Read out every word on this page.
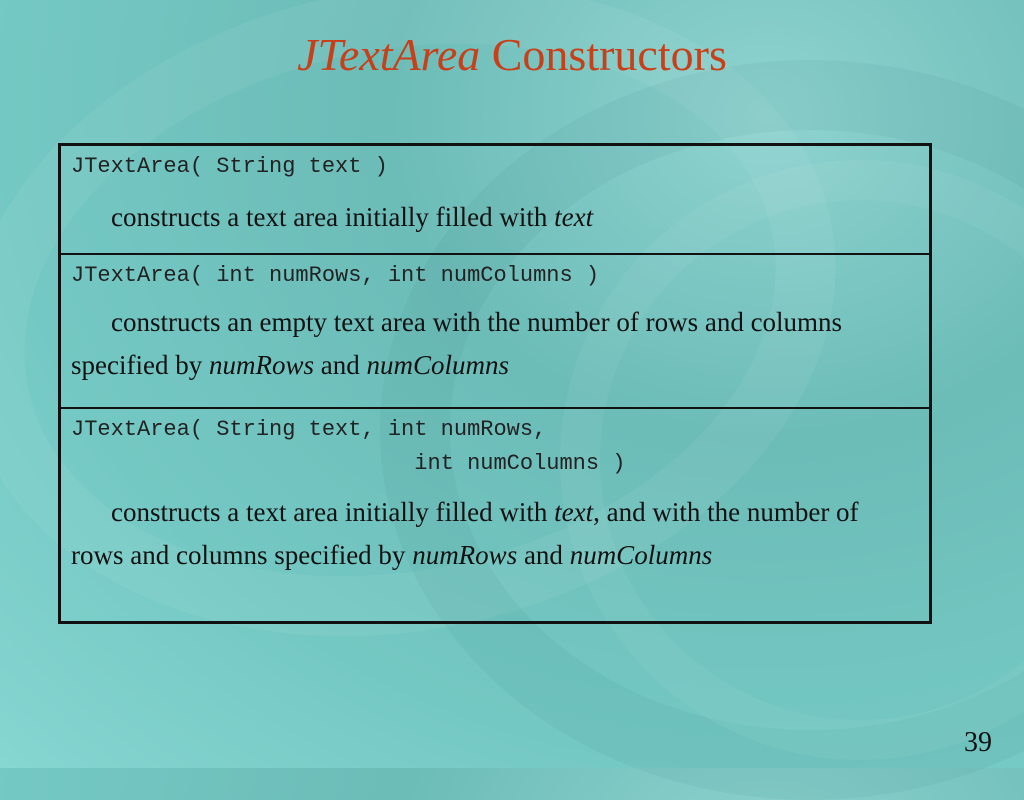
JTextArea Constructors
JTextArea( String text )
constructs a text area initially filled with text
JTextArea( int numRows, int numColumns )
constructs an empty text area with the number of rows and columns specified by numRows and numColumns
JTextArea( String text, int numRows,
int numColumns )
constructs a text area initially filled with text, and with the number of rows and columns specified by numRows and numColumns
39
